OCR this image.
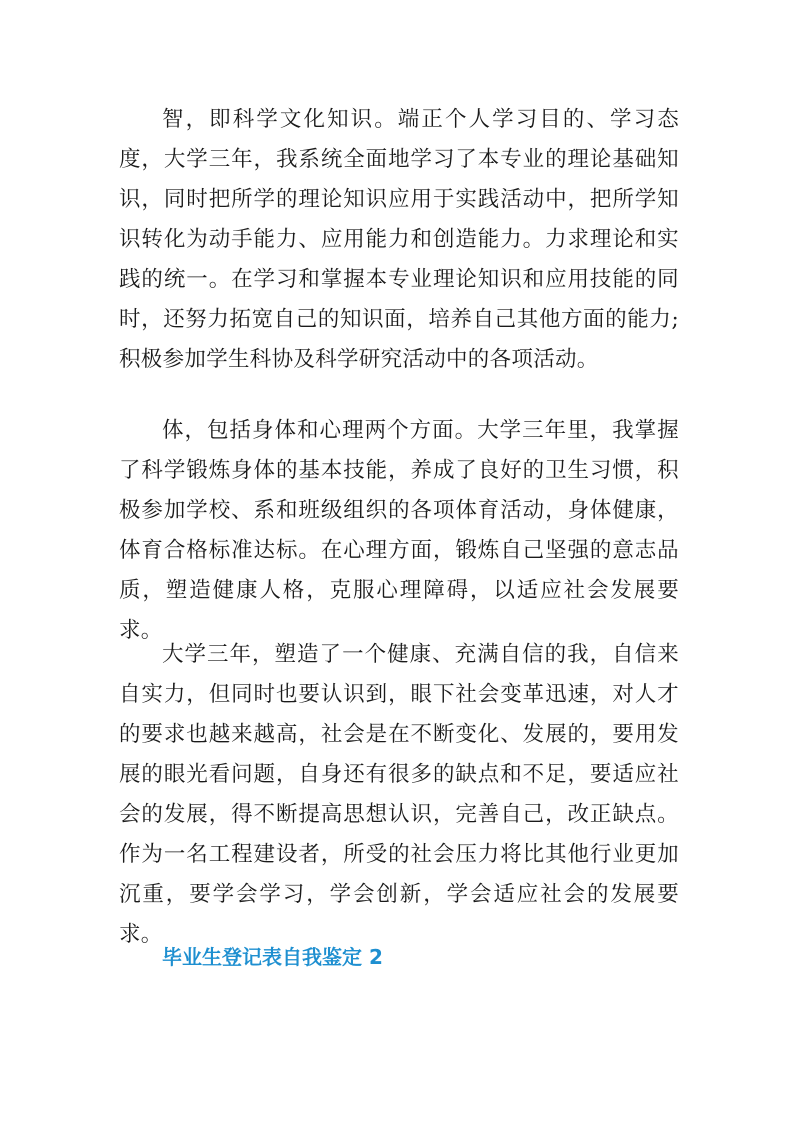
智，即科学文化知识。端正个人学习目的、学习态度，大学三年，我系统全面地学习了本专业的理论基础知识，同时把所学的理论知识应用于实践活动中，把所学知识转化为动手能力、应用能力和创造能力。力求理论和实践的统一。在学习和掌握本专业理论知识和应用技能的同时，还努力拓宽自己的知识面，培养自己其他方面的能力;积极参加学生科协及科学研究活动中的各项活动。

体，包括身体和心理两个方面。大学三年里，我掌握了科学锻炼身体的基本技能，养成了良好的卫生习惯，积极参加学校、系和班级组织的各项体育活动，身体健康，体育合格标准达标。在心理方面，锻炼自己坚强的意志品质，塑造健康人格，克服心理障碍，以适应社会发展要求。

大学三年，塑造了一个健康、充满自信的我，自信来自实力，但同时也要认识到，眼下社会变革迅速，对人才的要求也越来越高，社会是在不断变化、发展的，要用发展的眼光看问题，自身还有很多的缺点和不足，要适应社会的发展，得不断提高思想认识，完善自己，改正缺点。作为一名工程建设者，所受的社会压力将比其他行业更加沉重，要学会学习，学会创新，学会适应社会的发展要求。

毕业生登记表自我鉴定 2
